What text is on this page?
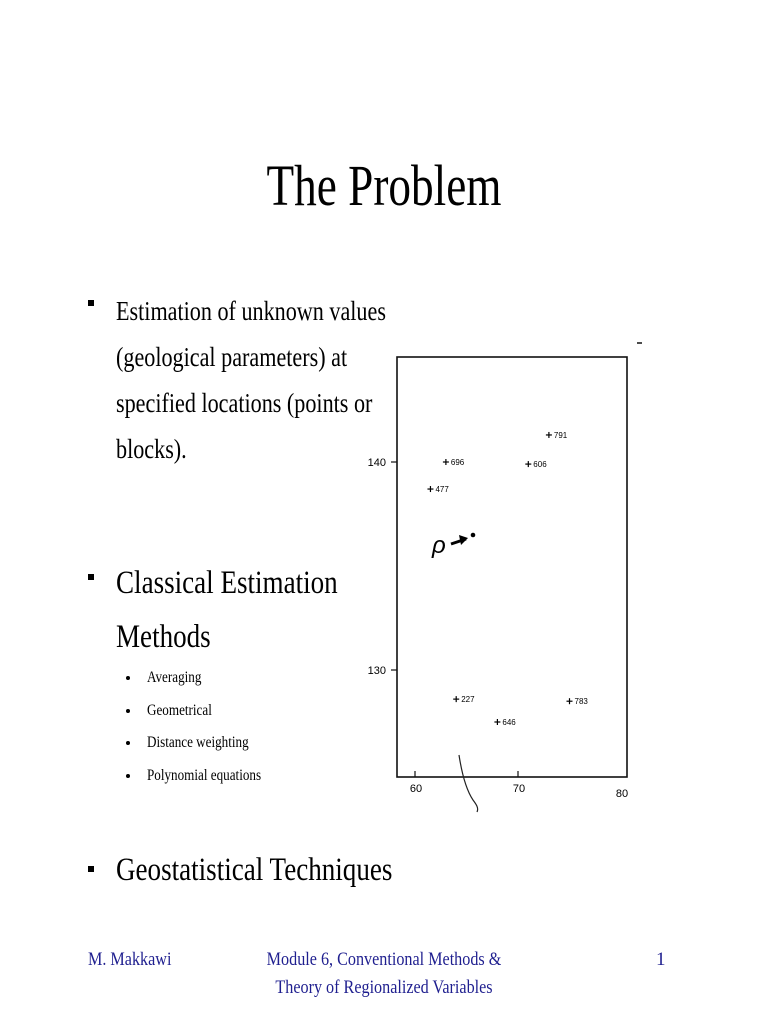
The Problem
Estimation of unknown values
(geological parameters) at
specified locations (points or
blocks).
Classical Estimation
Methods
Averaging
Geometrical
Distance weighting
Polynomial equations
Geostatistical Techniques
140
130
60	70	80
791
696	606
477
227	783
646
ρ
M. Makkawi	Module 6, Conventional Methods &
Theory of Regionalized Variables
1
